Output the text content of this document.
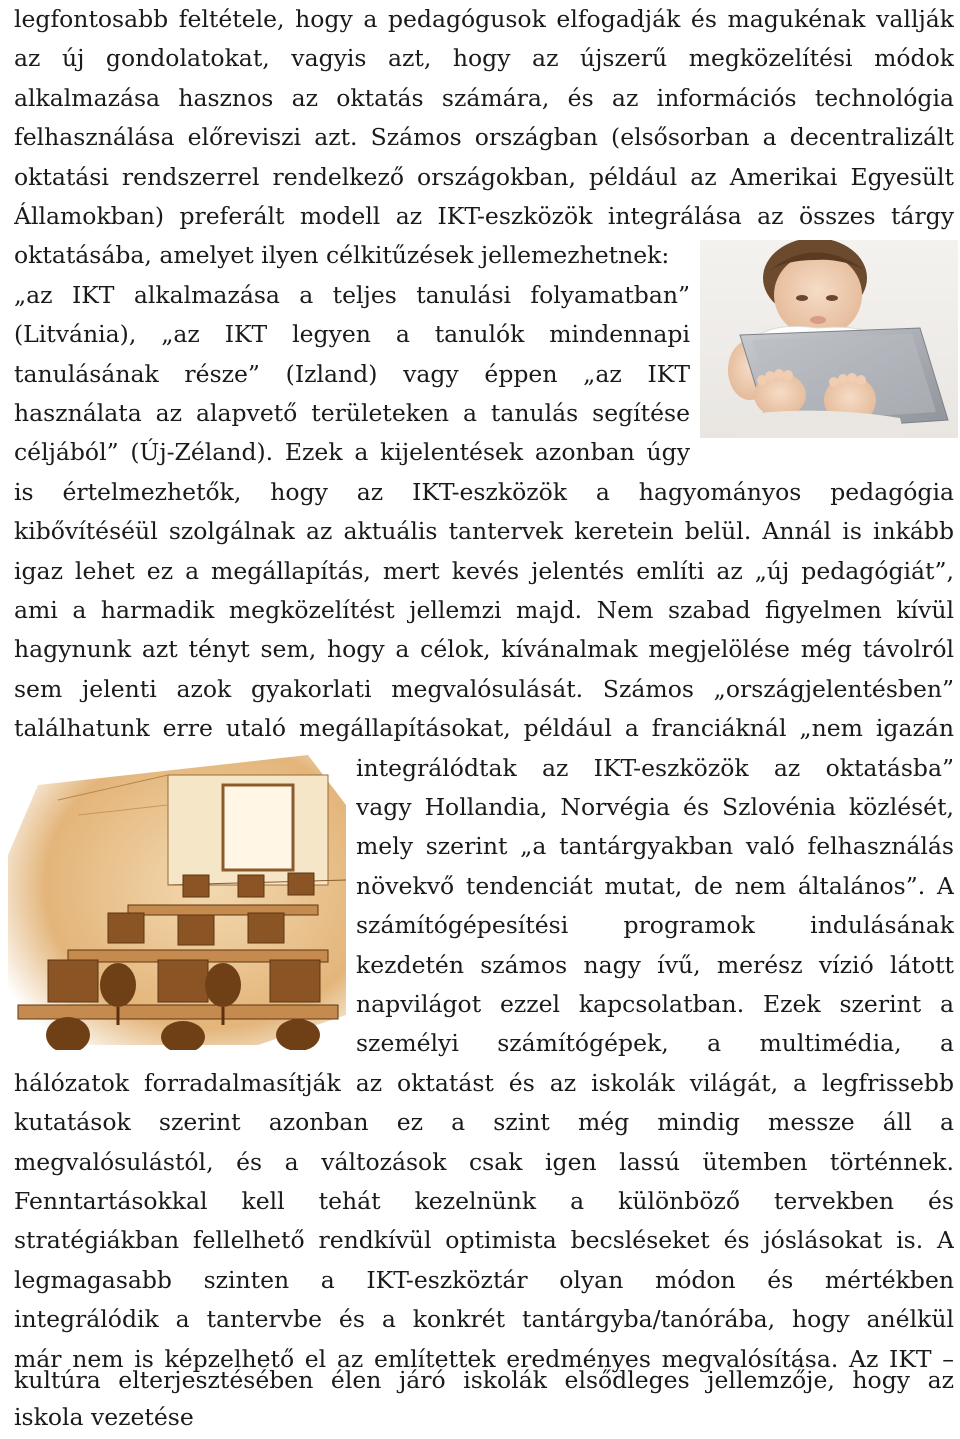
legfontosabb feltétele, hogy a pedagógusok elfogadják és magukénak vallják
az új gondolatokat, vagyis azt, hogy az újszerű megközelítési módok
alkalmazása hasznos az oktatás számára, és az információs technológia
felhasználása előreviszi azt. Számos országban (elsősorban a decentralizált
oktatási rendszerrel rendelkező országokban, például az Amerikai Egyesült
Államokban) preferált modell az IKT-eszközök integrálása az összes tárgy
oktatásába, amelyet ilyen célkitűzések jellemezhetnek:
„az IKT alkalmazása a teljes tanulási folyamatban”
(Litvánia), „az IKT legyen a tanulók mindennapi
tanulásának része” (Izland) vagy éppen „az IKT
használata az alapvető területeken a tanulás segítése
céljából” (Új-Zéland). Ezek a kijelentések azonban úgy
is értelmezhetők, hogy az IKT-eszközök a hagyományos pedagógia
kibővítéséül szolgálnak az aktuális tantervek keretein belül. Annál is inkább
igaz lehet ez a megállapítás, mert kevés jelentés említi az „új pedagógiát”,
ami a harmadik megközelítést jellemzi majd. Nem szabad figyelmen kívül
hagynunk azt tényt sem, hogy a célok, kívánalmak megjelölése még távolról
sem jelenti azok gyakorlati megvalósulását. Számos „országjelentésben”
találhatunk erre utaló megállapításokat, például a franciáknál „nem igazán
integrálódtak az IKT-eszközök az oktatásba”
vagy Hollandia, Norvégia és Szlovénia közlését,
mely szerint „a tantárgyakban való felhasználás
növekvő tendenciát mutat, de nem általános”. A
számítógépesítési programok indulásának
kezdetén számos nagy ívű, merész vízió látott
napvilágot ezzel kapcsolatban. Ezek szerint a
személyi számítógépek, a multimédia, a
hálózatok forradalmasítják az oktatást és az iskolák világát, a legfrissebb
kutatások szerint azonban ez a szint még mindig messze áll a
megvalósulástól, és a változások csak igen lassú ütemben történnek.
Fenntartásokkal kell tehát kezelnünk a különböző tervekben és
stratégiákban fellelhető rendkívül optimista becsléseket és jóslásokat is. A
legmagasabb szinten a IKT-eszköztár olyan módon és mértékben
integrálódik a tantervbe és a konkrét tantárgyba/tanórába, hogy anélkül
már nem is képzelhető el az említettek eredményes megvalósítása. Az IKT –
kultúra elterjesztésében élen járó iskolák elsődleges jellemzője, hogy az
iskola vezetése
